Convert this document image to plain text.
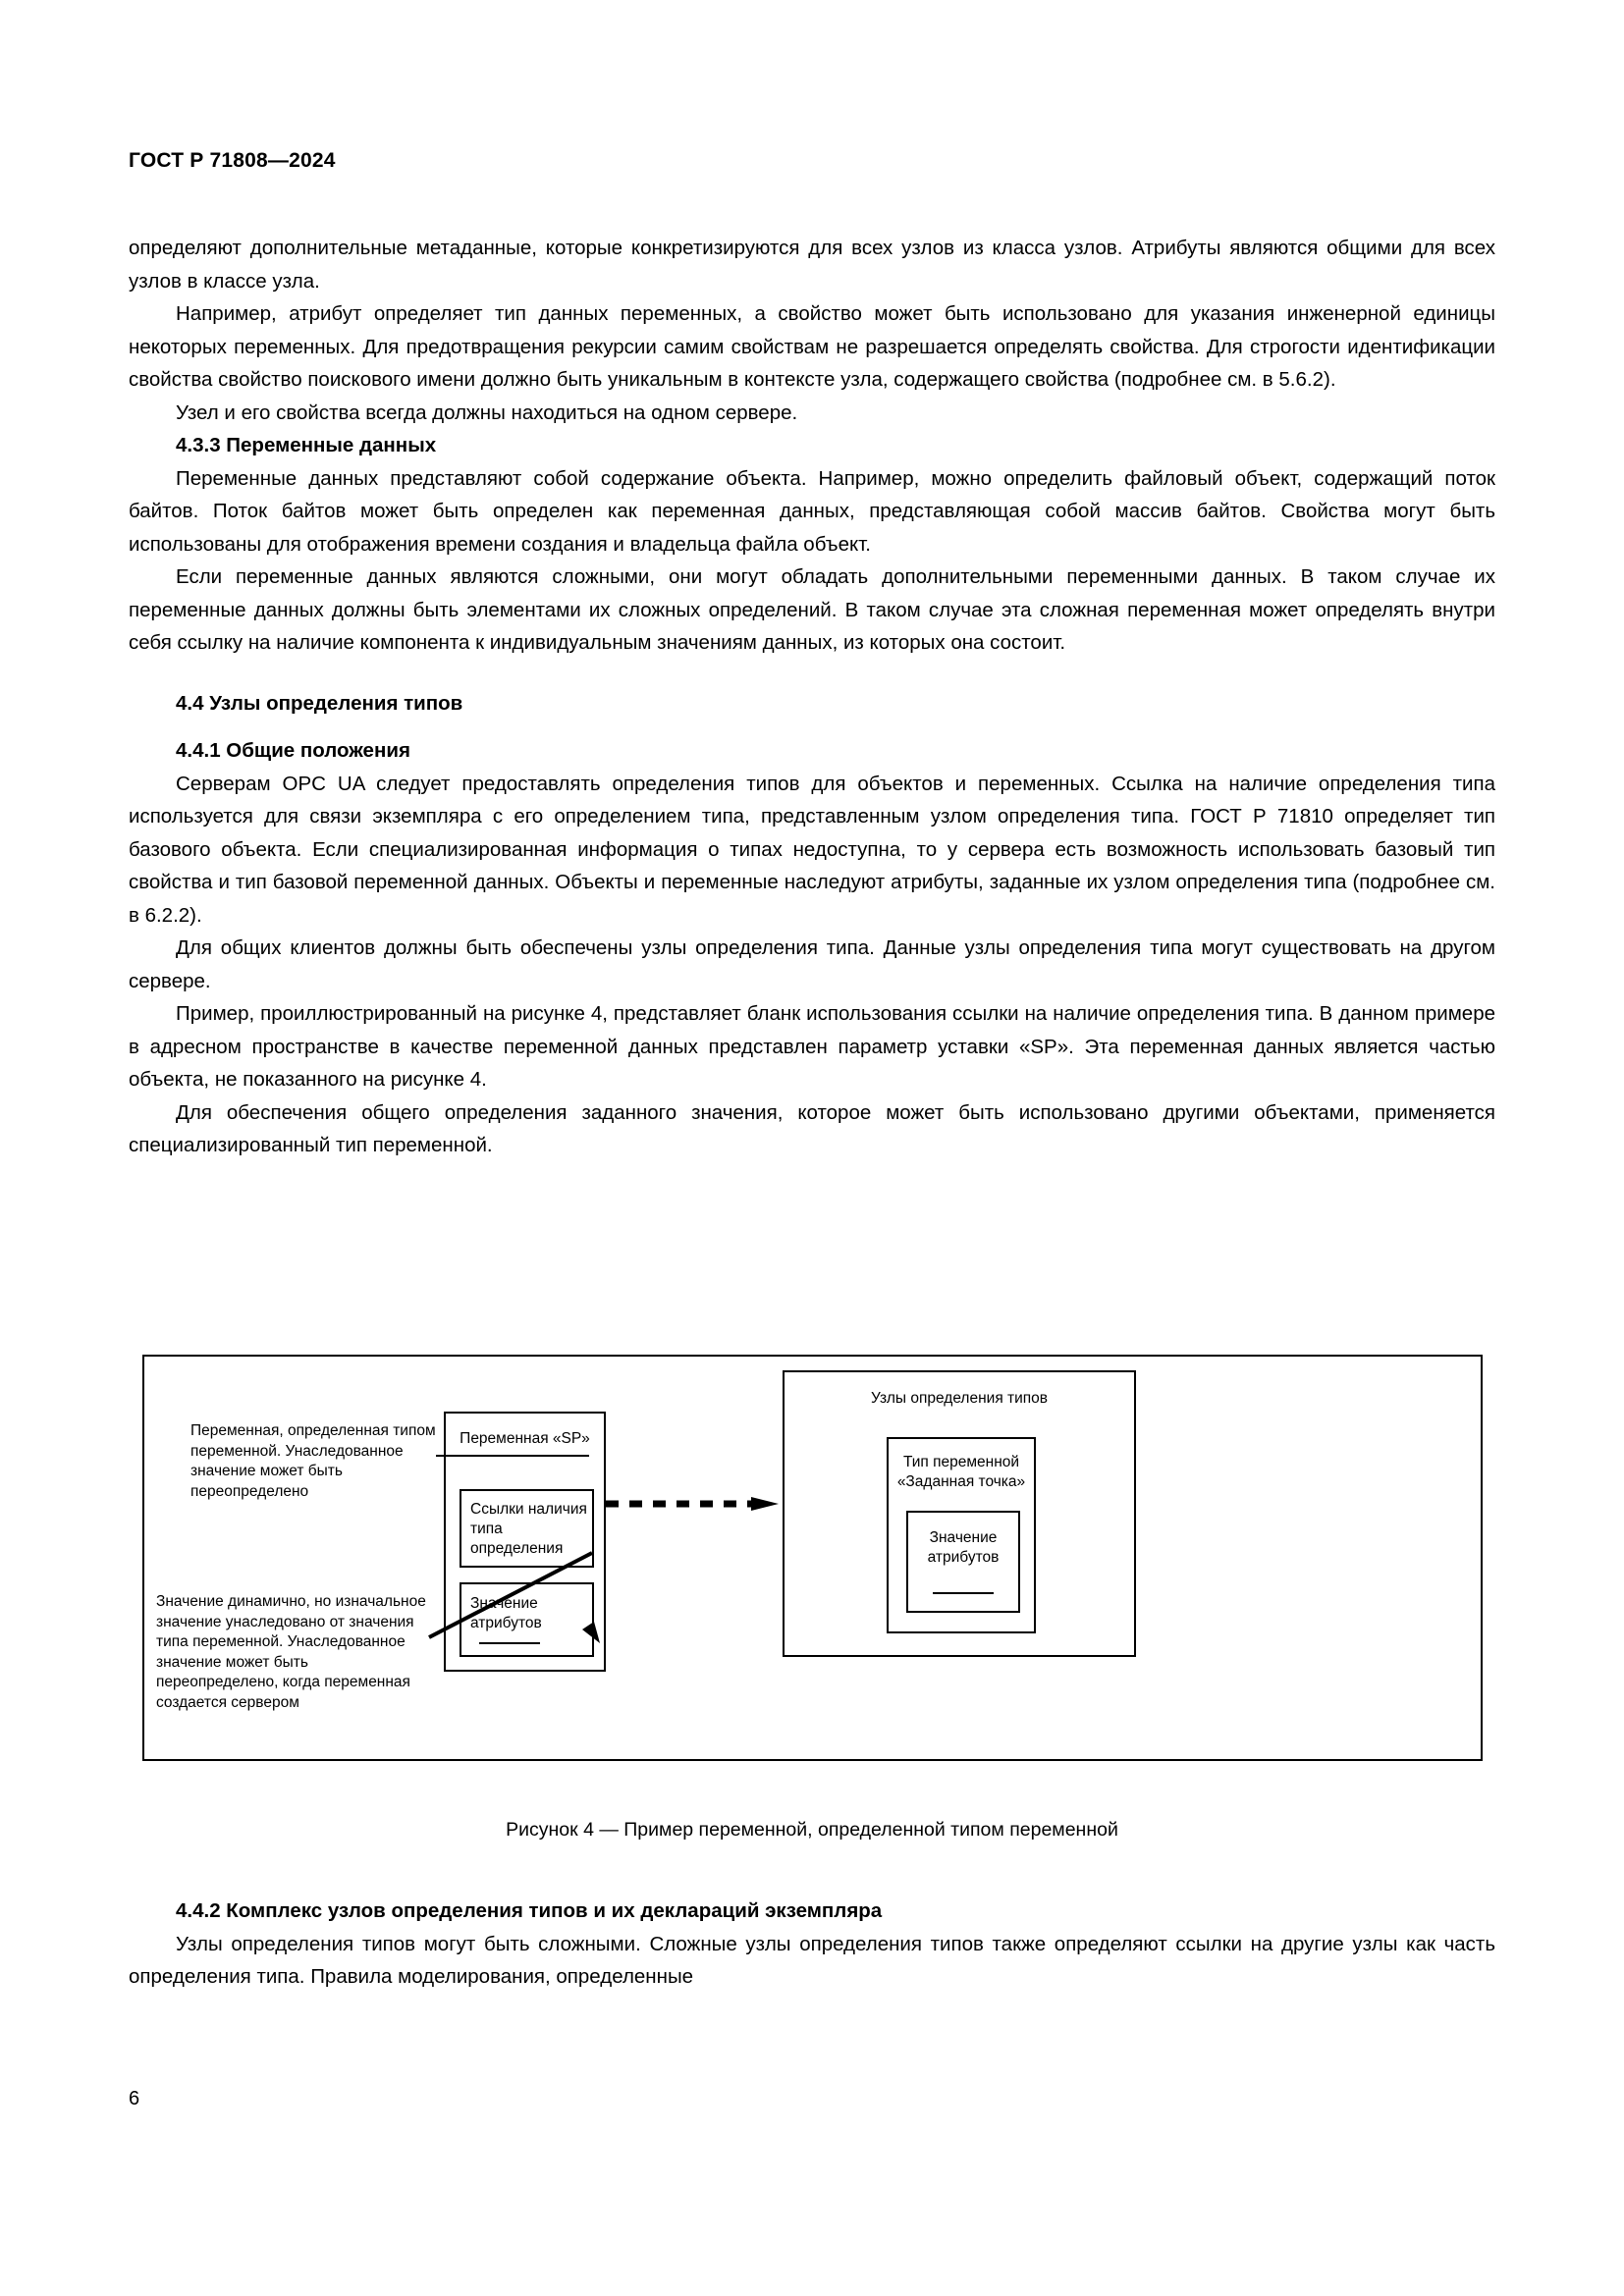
ГОСТ Р 71808—2024

определяют дополнительные метаданные, которые конкретизируются для всех узлов из класса узлов. Атрибуты являются общими для всех узлов в классе узла.

Например, атрибут определяет тип данных переменных, а свойство может быть использовано для указания инженерной единицы некоторых переменных. Для предотвращения рекурсии самим свойствам не разрешается определять свойства. Для строгости идентификации свойства свойство поискового имени должно быть уникальным в контексте узла, содержащего свойства (подробнее см. в 5.6.2).

Узел и его свойства всегда должны находиться на одном сервере.

4.3.3 Переменные данных

Переменные данных представляют собой содержание объекта. Например, можно определить файловый объект, содержащий поток байтов. Поток байтов может быть определен как переменная данных, представляющая собой массив байтов. Свойства могут быть использованы для отображения времени создания и владельца файла объект.

Если переменные данных являются сложными, они могут обладать дополнительными переменными данных. В таком случае их переменные данных должны быть элементами их сложных определений. В таком случае эта сложная переменная может определять внутри себя ссылку на наличие компонента к индивидуальным значениям данных, из которых она состоит.

4.4 Узлы определения типов
4.4.1 Общие положения

Серверам OPC UA следует предоставлять определения типов для объектов и переменных. Ссылка на наличие определения типа используется для связи экземпляра с его определением типа, представленным узлом определения типа. ГОСТ Р 71810 определяет тип базового объекта. Если специализированная информация о типах недоступна, то у сервера есть возможность использовать базовый тип свойства и тип базовой переменной данных. Объекты и переменные наследуют атрибуты, заданные их узлом определения типа (подробнее см. в 6.2.2).

Для общих клиентов должны быть обеспечены узлы определения типа. Данные узлы определения типа могут существовать на другом сервере.

Пример, проиллюстрированный на рисунке 4, представляет бланк использования ссылки на наличие определения типа. В данном примере в адресном пространстве в качестве переменной данных представлен параметр уставки «SP». Эта переменная данных является частью объекта, не показанного на рисунке 4.

Для обеспечения общего определения заданного значения, которое может быть использовано другими объектами, применяется специализированный тип переменной.

Переменная, определенная типом переменной. Унаследованное значение может быть переопределено
Значение динамично, но изначальное значение унаследовано от значения типа переменной. Унаследованное значение может быть переопределено, когда переменная создается сервером
Переменная «SP»
Ссылки наличия типа определения
Значение атрибутов
Узлы определения типов
Тип переменной «Заданная точка»
Значение атрибутов
Рисунок 4 — Пример переменной, определенной типом переменной
4.4.2 Комплекс узлов определения типов и их деклараций экземпляра

Узлы определения типов могут быть сложными. Сложные узлы определения типов также определяют ссылки на другие узлы как часть определения типа. Правила моделирования, определенные

6
